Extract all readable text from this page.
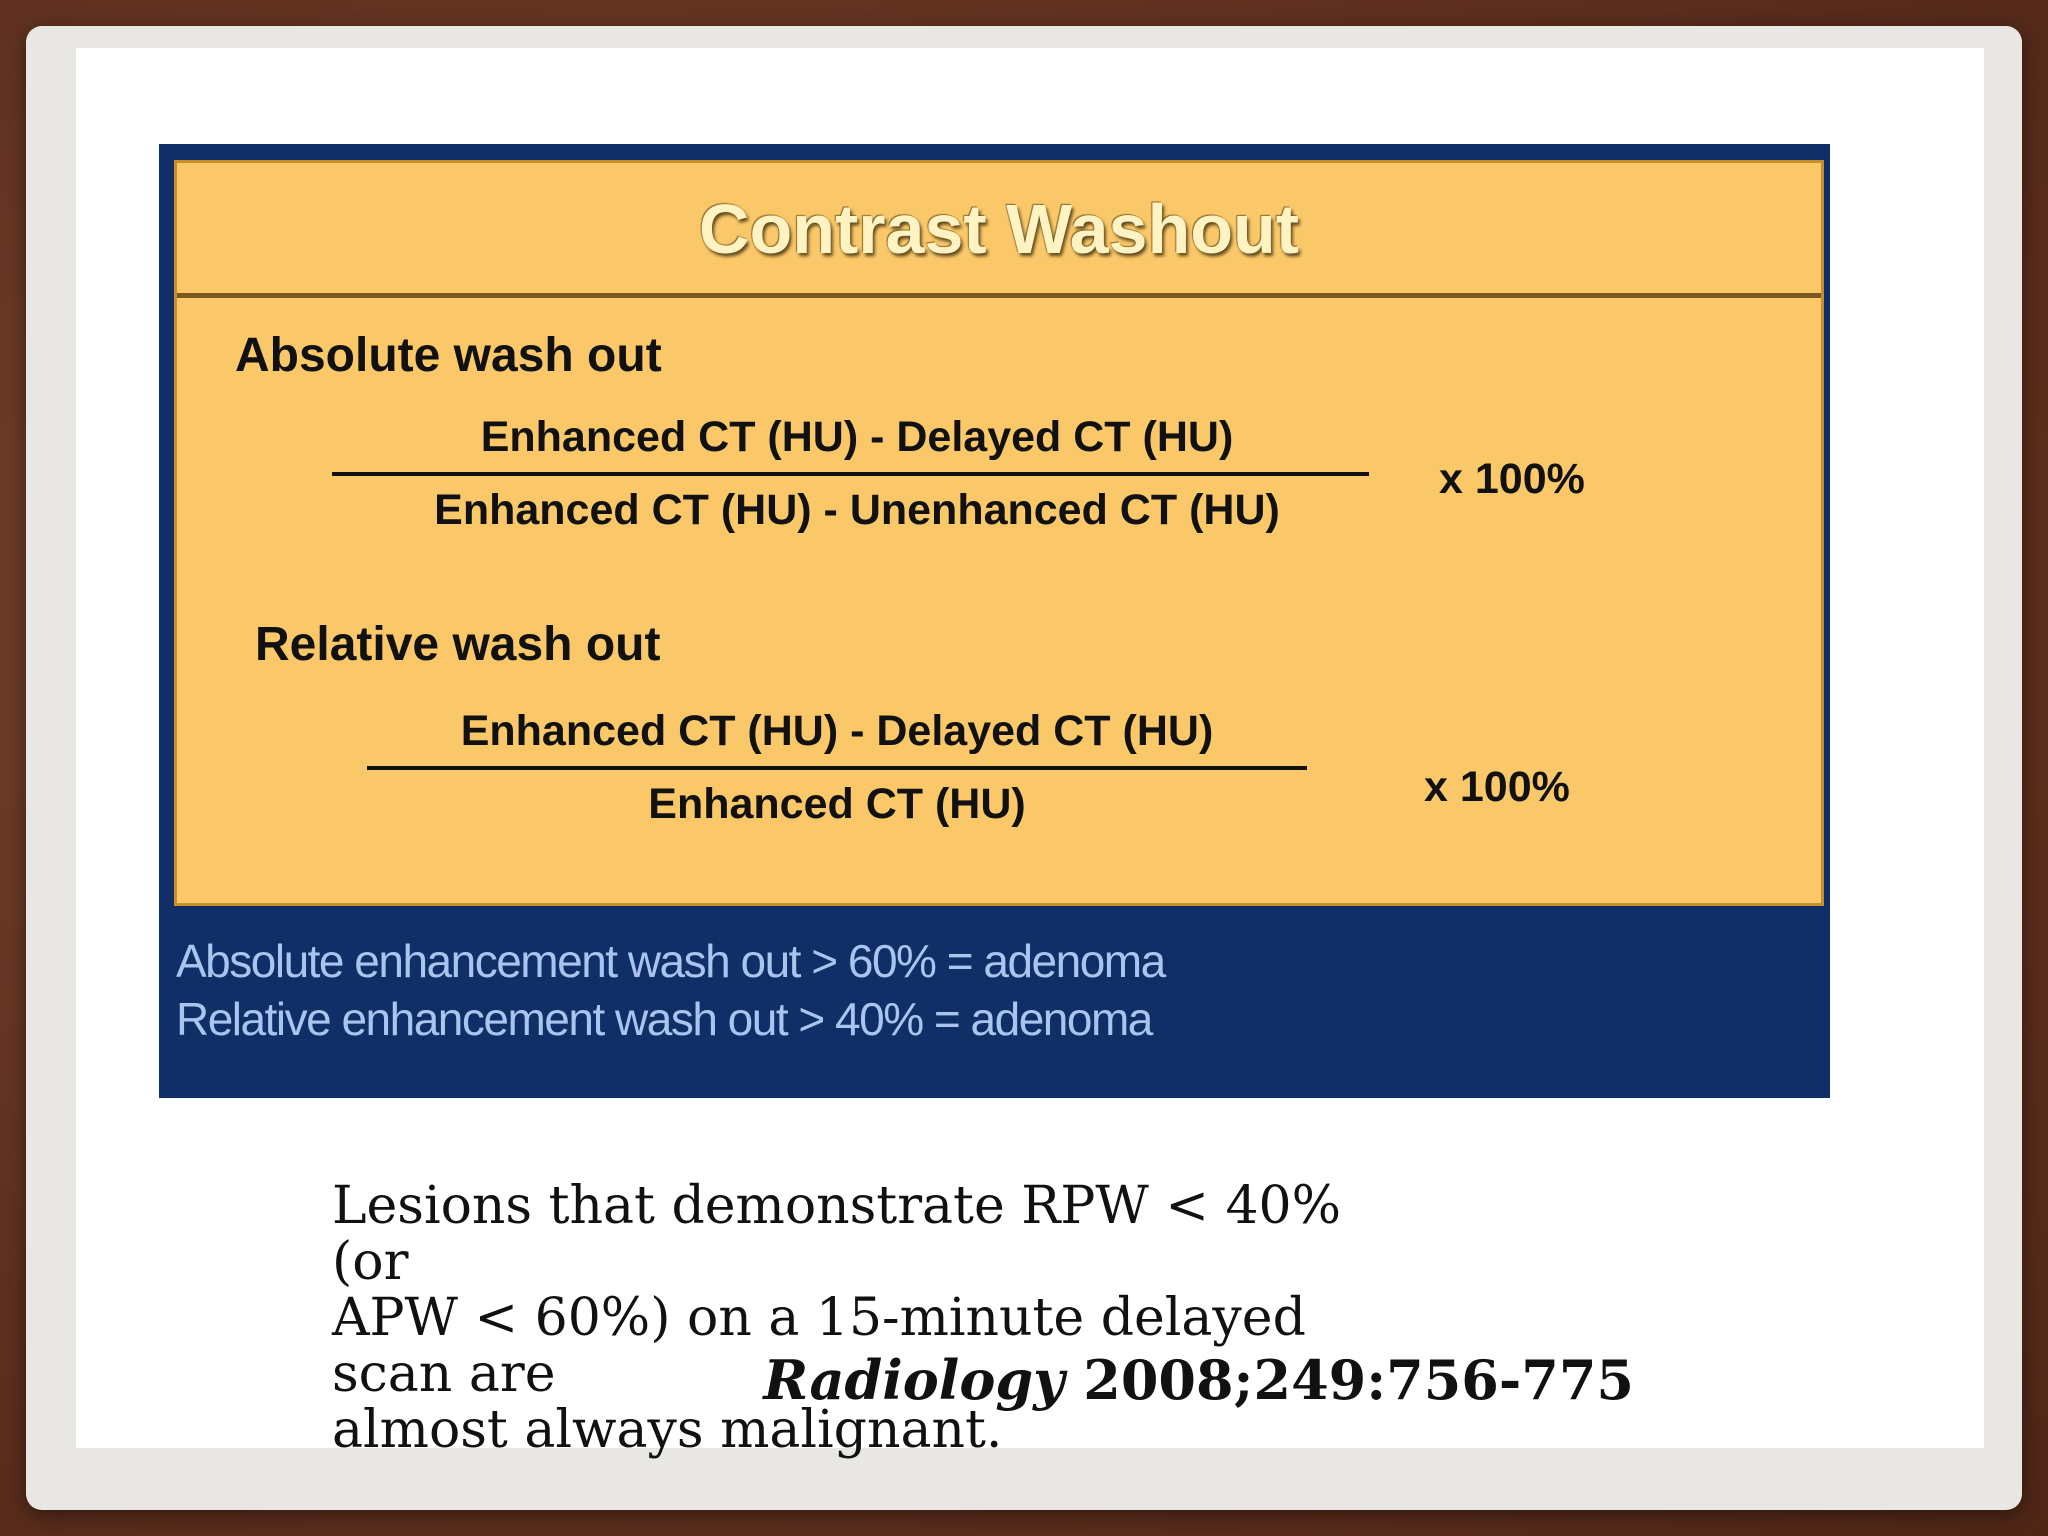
Contrast Washout
Absolute wash out
Enhanced CT (HU) - Delayed CT (HU)
Enhanced CT (HU) - Unenhanced CT (HU)
x 100%
Relative wash out
Enhanced CT (HU) - Delayed CT (HU)
Enhanced CT (HU)	x 100%
Absolute enhancement wash out > 60% = adenoma
Relative enhancement wash out > 40% = adenoma
Lesions that demonstrate RPW < 40% (or
APW < 60%) on a 15-minute delayed scan are
almost always malignant.
Radiology 2008;249:756-775
